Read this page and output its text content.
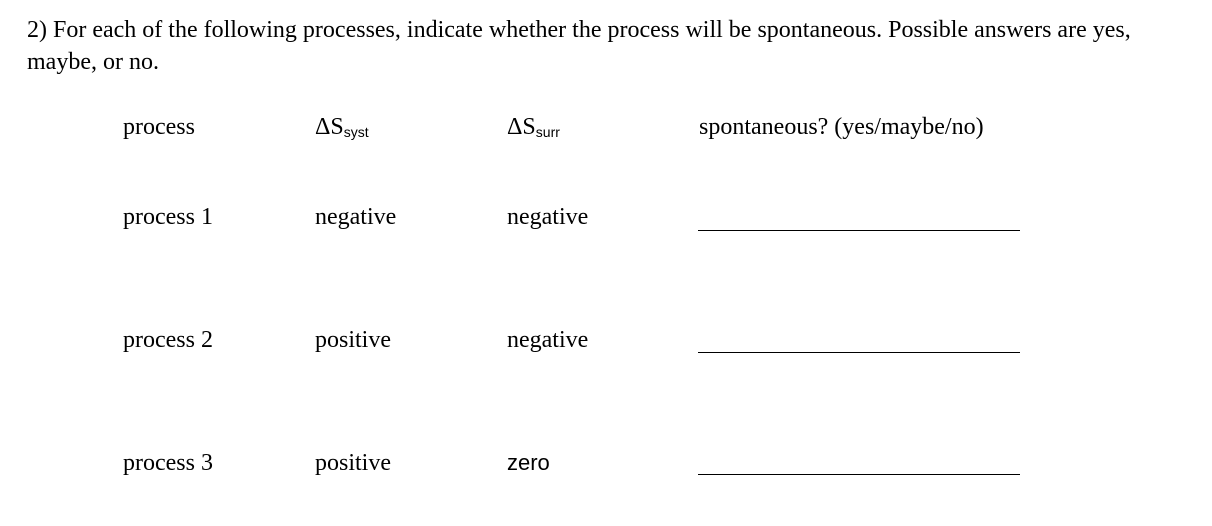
2) For each of the following processes, indicate whether the process will be spontaneous. Possible answers are yes, maybe, or no.
process	ΔSsyst	ΔSsurr	spontaneous? (yes/maybe/no)
process 1	negative	negative
process 2	positive	negative
process 3	positive	zero
